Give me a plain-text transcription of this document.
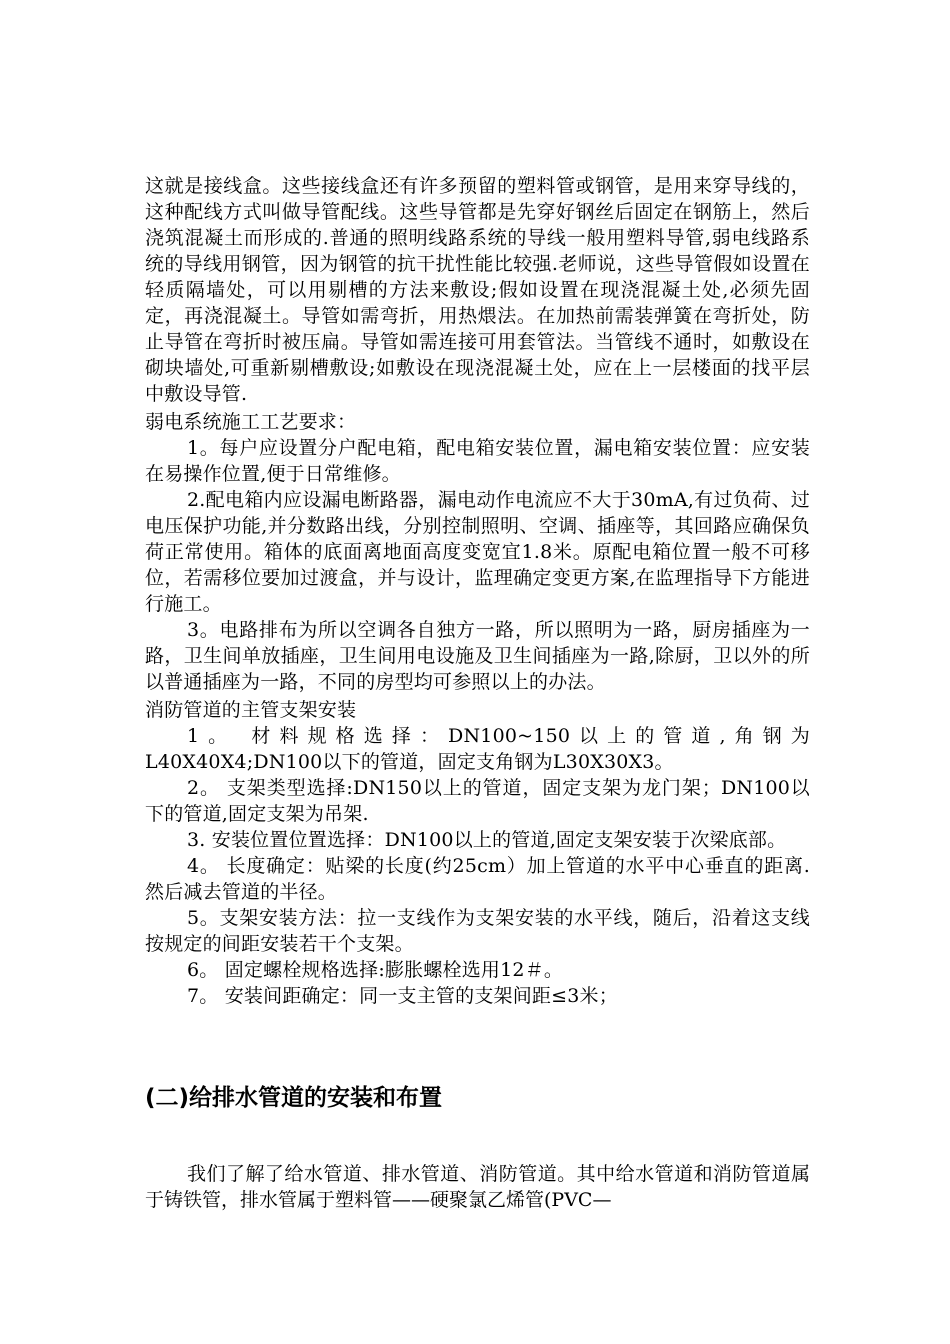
这就是接线盒。这些接线盒还有许多预留的塑料管或钢管，是用来穿导线的，这种配线方式叫做导管配线。这些导管都是先穿好钢丝后固定在钢筋上，然后浇筑混凝土而形成的.普通的照明线路系统的导线一般用塑料导管,弱电线路系统的导线用钢管，因为钢管的抗干扰性能比较强.老师说，这些导管假如设置在轻质隔墙处，可以用剔槽的方法来敷设;假如设置在现浇混凝土处,必须先固定，再浇混凝土。导管如需弯折，用热煨法。在加热前需装弹簧在弯折处，防止导管在弯折时被压扁。导管如需连接可用套管法。当管线不通时，如敷设在砌块墙处,可重新剔槽敷设;如敷设在现浇混凝土处，应在上一层楼面的找平层中敷设导管.

弱电系统施工工艺要求：

1。每户应设置分户配电箱，配电箱安装位置，漏电箱安装位置：应安装在易操作位置,便于日常维修。

2.配电箱内应设漏电断路器，漏电动作电流应不大于30mA,有过负荷、过电压保护功能,并分数路出线，分别控制照明、空调、插座等，其回路应确保负荷正常使用。箱体的底面离地面高度变宽宜1.8米。原配电箱位置一般不可移位，若需移位要加过渡盒，并与设计，监理确定变更方案,在监理指导下方能进行施工。

3。电路排布为所以空调各自独方一路，所以照明为一路，厨房插座为一路，卫生间单放插座，卫生间用电设施及卫生间插座为一路,除厨，卫以外的所以普通插座为一路，不同的房型均可参照以上的办法。

消防管道的主管支架安装

1。 材料规格选择：DN100~150以上的管道,角钢为L40X40X4;DN100以下的管道，固定支角钢为L30X30X3。

2。 支架类型选择:DN150以上的管道，固定支架为龙门架；DN100以下的管道,固定支架为吊架.

3. 安装位置位置选择：DN100以上的管道,固定支架安装于次梁底部。

4。 长度确定：贴梁的长度(约25cm）加上管道的水平中心垂直的距离.然后减去管道的半径。

5。支架安装方法：拉一支线作为支架安装的水平线，随后，沿着这支线按规定的间距安装若干个支架。

6。 固定螺栓规格选择:膨胀螺栓选用12＃。

7。 安装间距确定：同一支主管的支架间距≤3米；

(二)给排水管道的安装和布置

我们了解了给水管道、排水管道、消防管道。其中给水管道和消防管道属于铸铁管，排水管属于塑料管——硬聚氯乙烯管(PVC—
